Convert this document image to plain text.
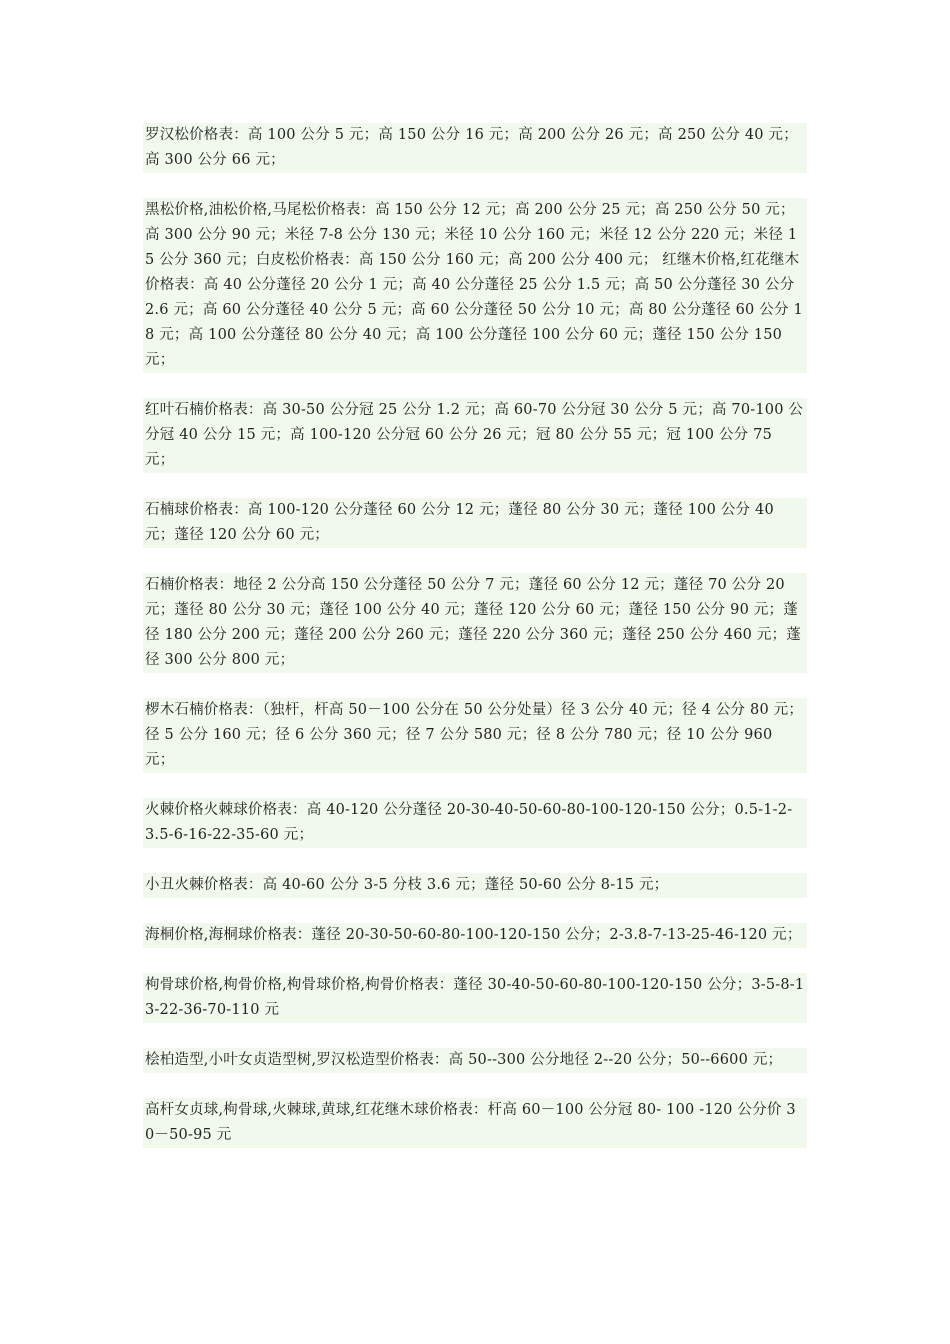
罗汉松价格表：高 100 公分 5 元；高 150 公分 16 元；高 200 公分 26 元；高 250 公分 40 元；高 300 公分 66 元；

黑松价格,油松价格,马尾松价格表：高 150 公分 12 元；高 200 公分 25 元；高 250 公分 50 元；高 300 公分 90 元；米径 7-8 公分 130 元；米径 10 公分 160 元；米径 12 公分 220 元；米径 15 公分 360 元；白皮松价格表：高 150 公分 160 元；高 200 公分 400 元； 红继木价格,红花继木价格表：高 40 公分蓬径 20 公分 1 元；高 40 公分蓬径 25 公分 1.5 元；高 50 公分蓬径 30 公分 2.6 元；高 60 公分蓬径 40 公分 5 元；高 60 公分蓬径 50 公分 10 元；高 80 公分蓬径 60 公分 18 元；高 100 公分蓬径 80 公分 40 元；高 100 公分蓬径 100 公分 60 元；蓬径 150 公分 150 元；

红叶石楠价格表：高 30-50 公分冠 25 公分 1.2 元；高 60-70 公分冠 30 公分 5 元；高 70-100 公分冠 40 公分 15 元；高 100-120 公分冠 60 公分 26 元；冠 80 公分 55 元；冠 100 公分 75 元；

石楠球价格表：高 100-120 公分蓬径 60 公分 12 元；蓬径 80 公分 30 元；蓬径 100 公分 40 元；蓬径 120 公分 60 元；

石楠价格表：地径 2 公分高 150 公分蓬径 50 公分 7 元；蓬径 60 公分 12 元；蓬径 70 公分 20 元；蓬径 80 公分 30 元；蓬径 100 公分 40 元；蓬径 120 公分 60 元；蓬径 150 公分 90 元；蓬径 180 公分 200 元；蓬径 200 公分 260 元；蓬径 220 公分 360 元；蓬径 250 公分 460 元；蓬径 300 公分 800 元；

椤木石楠价格表：（独杆，杆高 50－100 公分在 50 公分处量）径 3 公分 40 元；径 4 公分 80 元；径 5 公分 160 元；径 6 公分 360 元；径 7 公分 580 元；径 8 公分 780 元；径 10 公分 960 元；

火棘价格火棘球价格表：高 40-120 公分蓬径 20-30-40-50-60-80-100-120-150 公分；0.5-1-2-3.5-6-16-22-35-60 元；

小丑火棘价格表：高 40-60 公分 3-5 分枝 3.6 元；蓬径 50-60 公分 8-15 元；

海桐价格,海桐球价格表：蓬径 20-30-50-60-80-100-120-150 公分；2-3.8-7-13-25-46-120 元；

枸骨球价格,枸骨价格,枸骨球价格,枸骨价格表：蓬径 30-40-50-60-80-100-120-150 公分；3-5-8-13-22-36-70-110 元

桧柏造型,小叶女贞造型树,罗汉松造型价格表：高 50--300 公分地径 2--20 公分；50--6600 元；

高杆女贞球,枸骨球,火棘球,黄球,红花继木球价格表：杆高 60－100 公分冠 80- 100 -120 公分价 30－50-95 元
